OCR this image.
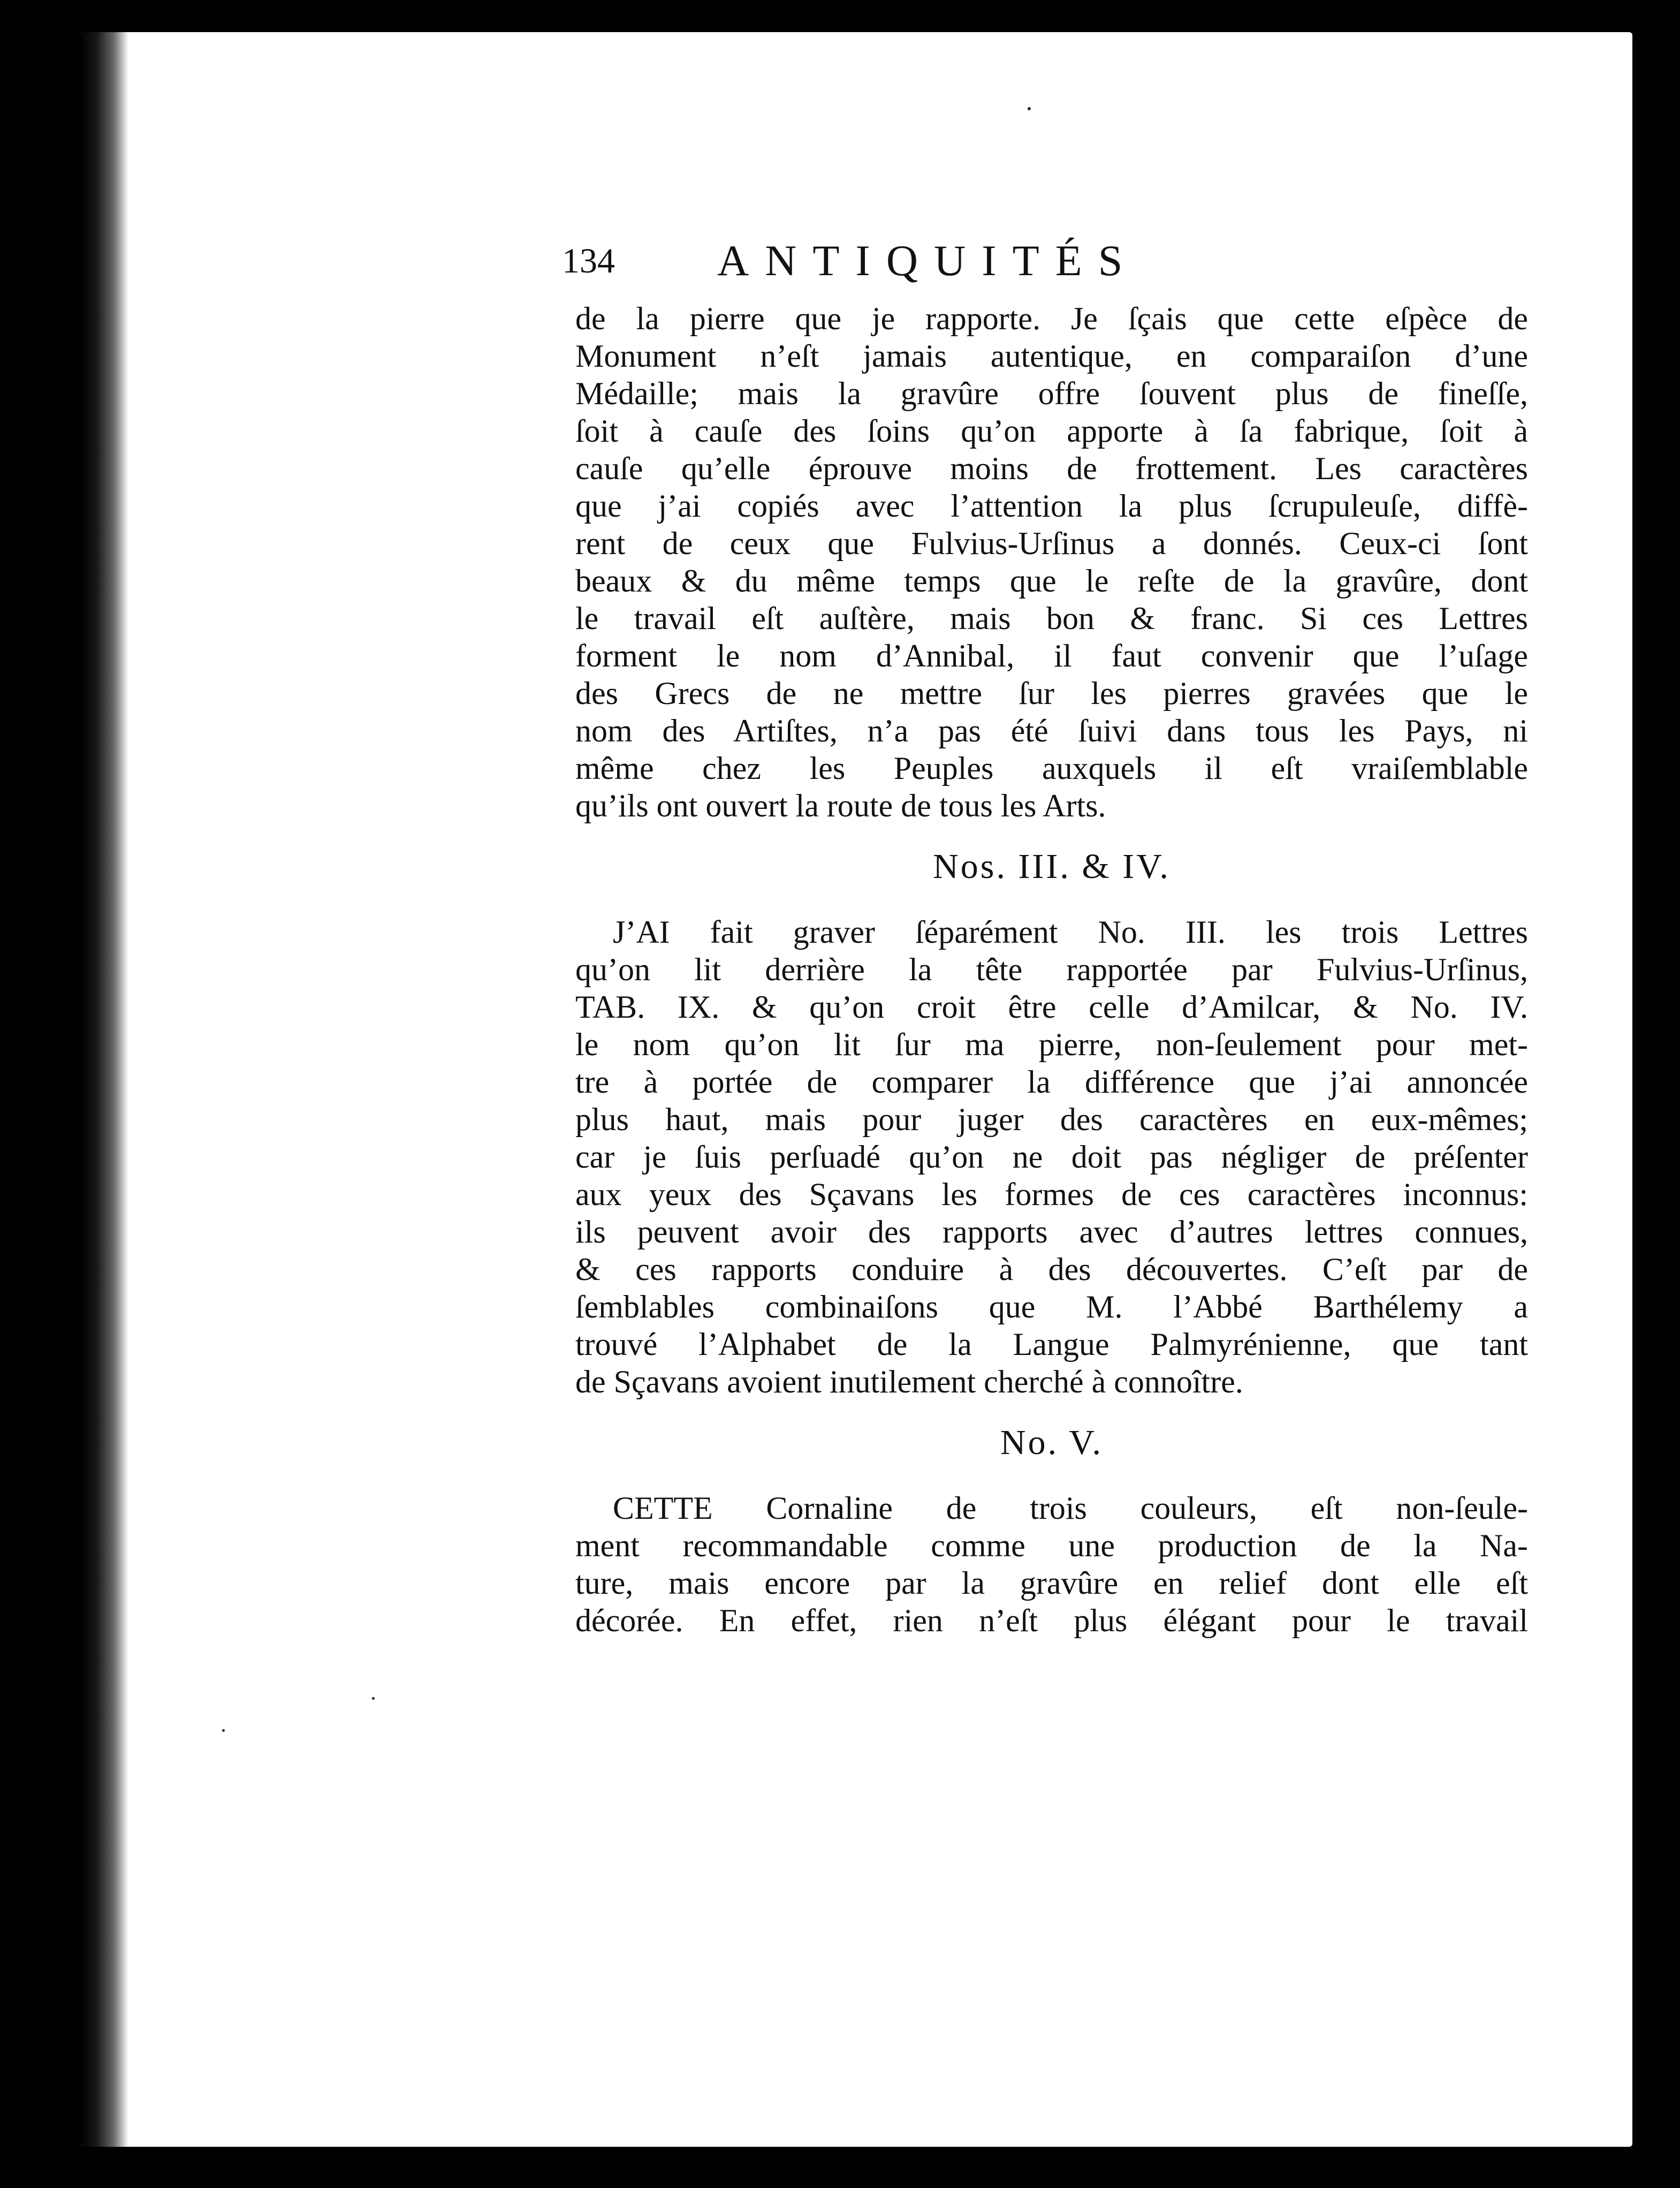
134 ANTIQUITÉS
de la pierre que je rapporte. Je ſçais que cette eſpèce de
Monument n’eſt jamais autentique, en comparaiſon d’une
Médaille; mais la gravûre offre ſouvent plus de fineſſe,
ſoit à cauſe des ſoins qu’on apporte à ſa fabrique, ſoit à
cauſe qu’elle éprouve moins de frottement. Les caractères
que j’ai copiés avec l’attention la plus ſcrupuleuſe, diffè-
rent de ceux que Fulvius-Urſinus a donnés. Ceux-ci ſont
beaux & du même temps que le reſte de la gravûre, dont
le travail eſt auſtère, mais bon & franc. Si ces Lettres
forment le nom d’Annibal, il faut convenir que l’uſage
des Grecs de ne mettre ſur les pierres gravées que le
nom des Artiſtes, n’a pas été ſuivi dans tous les Pays, ni
même chez les Peuples auxquels il eſt vraiſemblable
qu’ils ont ouvert la route de tous les Arts.
Nos. III. & IV.
J’AI fait graver ſéparément No. III. les trois Lettres
qu’on lit derrière la tête rapportée par Fulvius-Urſinus,
TAB. IX. & qu’on croit être celle d’Amilcar, & No. IV.
le nom qu’on lit ſur ma pierre, non-ſeulement pour met-
tre à portée de comparer la différence que j’ai annoncée
plus haut, mais pour juger des caractères en eux-mêmes;
car je ſuis perſuadé qu’on ne doit pas négliger de préſenter
aux yeux des Sçavans les formes de ces caractères inconnus:
ils peuvent avoir des rapports avec d’autres lettres connues,
& ces rapports conduire à des découvertes. C’eſt par de
ſemblables combinaiſons que M. l’Abbé Barthélemy a
trouvé l’Alphabet de la Langue Palmyrénienne, que tant
de Sçavans avoient inutilement cherché à connoître.
No. V.
CETTE Cornaline de trois couleurs, eſt non-ſeule-
ment recommandable comme une production de la Na-
ture, mais encore par la gravûre en relief dont elle eſt
décorée. En effet, rien n’eſt plus élégant pour le travail
